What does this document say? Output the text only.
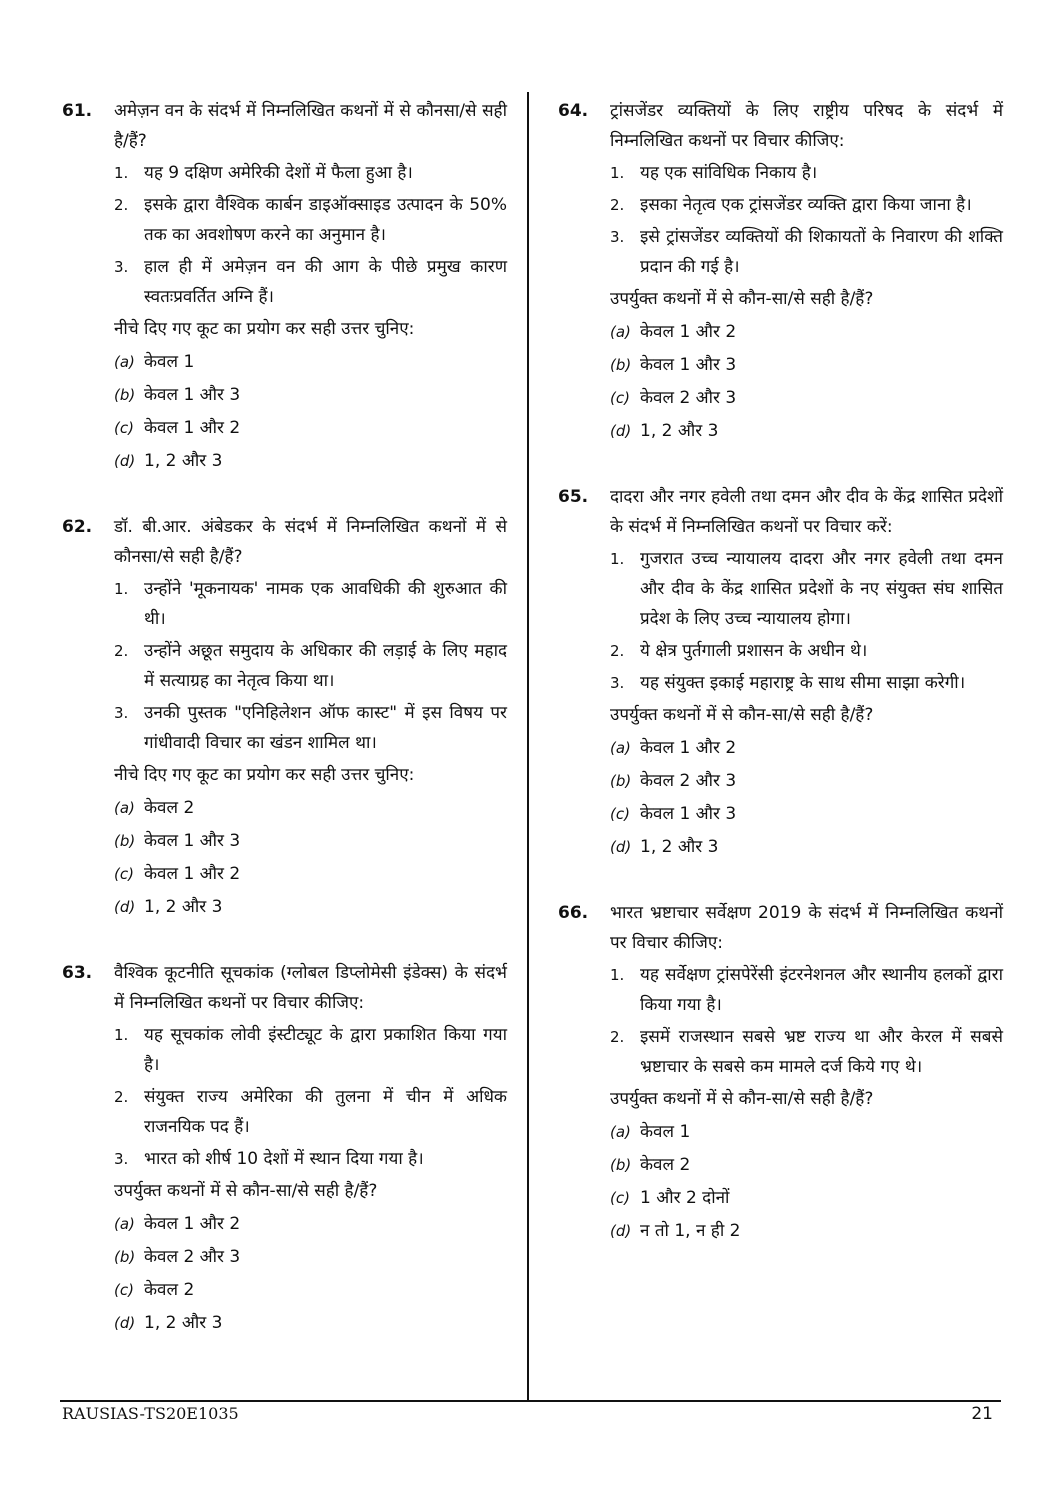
61. अमेज़न वन के संदर्भ में निम्नलिखित कथनों में से कौनसा/से सही है/हैं?
1. यह 9 दक्षिण अमेरिकी देशों में फैला हुआ है।
2. इसके द्वारा वैश्विक कार्बन डाइऑक्साइड उत्पादन के 50% तक का अवशोषण करने का अनुमान है।
3. हाल ही में अमेज़न वन की आग के पीछे प्रमुख कारण स्वतःप्रवर्तित अग्नि हैं।
नीचे दिए गए कूट का प्रयोग कर सही उत्तर चुनिए:
(a) केवल 1
(b) केवल 1 और 3
(c) केवल 1 और 2
(d) 1, 2 और 3
62. डॉ. बी.आर. अंबेडकर के संदर्भ में निम्नलिखित कथनों में से कौनसा/से सही है/हैं?
1. उन्होंने 'मूकनायक' नामक एक आवधिकी की शुरुआत की थी।
2. उन्होंने अछूत समुदाय के अधिकार की लड़ाई के लिए महाद में सत्याग्रह का नेतृत्व किया था।
3. उनकी पुस्तक "एनिहिलेशन ऑफ कास्ट" में इस विषय पर गांधीवादी विचार का खंडन शामिल था।
नीचे दिए गए कूट का प्रयोग कर सही उत्तर चुनिए:
(a) केवल 2
(b) केवल 1 और 3
(c) केवल 1 और 2
(d) 1, 2 और 3
63. वैश्विक कूटनीति सूचकांक (ग्लोबल डिप्लोमेसी इंडेक्स) के संदर्भ में निम्नलिखित कथनों पर विचार कीजिए:
1. यह सूचकांक लोवी इंस्टीट्यूट के द्वारा प्रकाशित किया गया है।
2. संयुक्त राज्य अमेरिका की तुलना में चीन में अधिक राजनयिक पद हैं।
3. भारत को शीर्ष 10 देशों में स्थान दिया गया है।
उपर्युक्त कथनों में से कौन-सा/से सही है/हैं?
(a) केवल 1 और 2
(b) केवल 2 और 3
(c) केवल 2
(d) 1, 2 और 3
64. ट्रांसजेंडर व्यक्तियों के लिए राष्ट्रीय परिषद के संदर्भ में निम्नलिखित कथनों पर विचार कीजिए:
1. यह एक सांविधिक निकाय है।
2. इसका नेतृत्व एक ट्रांसजेंडर व्यक्ति द्वारा किया जाना है।
3. इसे ट्रांसजेंडर व्यक्तियों की शिकायतों के निवारण की शक्ति प्रदान की गई है।
उपर्युक्त कथनों में से कौन-सा/से सही है/हैं?
(a) केवल 1 और 2
(b) केवल 1 और 3
(c) केवल 2 और 3
(d) 1, 2 और 3
65. दादरा और नगर हवेली तथा दमन और दीव के केंद्र शासित प्रदेशों के संदर्भ में निम्नलिखित कथनों पर विचार करें:
1. गुजरात उच्च न्यायालय दादरा और नगर हवेली तथा दमन और दीव के केंद्र शासित प्रदेशों के नए संयुक्त संघ शासित प्रदेश के लिए उच्च न्यायालय होगा।
2. ये क्षेत्र पुर्तगाली प्रशासन के अधीन थे।
3. यह संयुक्त इकाई महाराष्ट्र के साथ सीमा साझा करेगी।
उपर्युक्त कथनों में से कौन-सा/से सही है/हैं?
(a) केवल 1 और 2
(b) केवल 2 और 3
(c) केवल 1 और 3
(d) 1, 2 और 3
66. भारत भ्रष्टाचार सर्वेक्षण 2019 के संदर्भ में निम्नलिखित कथनों पर विचार कीजिए:
1. यह सर्वेक्षण ट्रांसपेरेंसी इंटरनेशनल और स्थानीय हलकों द्वारा किया गया है।
2. इसमें राजस्थान सबसे भ्रष्ट राज्य था और केरल में सबसे भ्रष्टाचार के सबसे कम मामले दर्ज किये गए थे।
उपर्युक्त कथनों में से कौन-सा/से सही है/हैं?
(a) केवल 1
(b) केवल 2
(c) 1 और 2 दोनों
(d) न तो 1, न ही 2
RAUSIAS-TS20E1035	21
